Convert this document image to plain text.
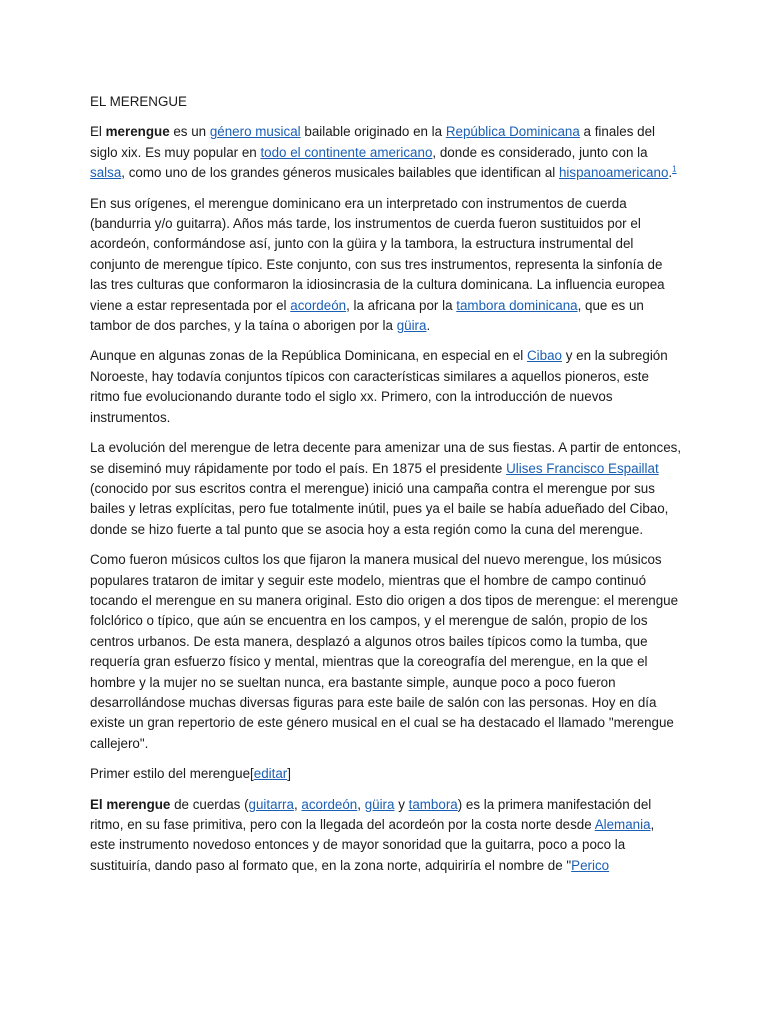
EL MERENGUE

El merengue es un género musical bailable originado en la República Dominicana a finales del siglo xix. Es muy popular en todo el continente americano, donde es considerado, junto con la salsa, como uno de los grandes géneros musicales bailables que identifican al hispanoamericano.$^1$

En sus orígenes, el merengue dominicano era un interpretado con instrumentos de cuerda (bandurria y/o guitarra). Años más tarde, los instrumentos de cuerda fueron sustituidos por el acordeón, conformándose así, junto con la güira y la tambora, la estructura instrumental del conjunto de merengue típico. Este conjunto, con sus tres instrumentos, representa la sinfonía de las tres culturas que conformaron la idiosincrasia de la cultura dominicana. La influencia europea viene a estar representada por el acordeón, la africana por la tambora dominicana, que es un tambor de dos parches, y la taína o aborigen por la güira.

Aunque en algunas zonas de la República Dominicana, en especial en el Cibao y en la subregión Noroeste, hay todavía conjuntos típicos con características similares a aquellos pioneros, este ritmo fue evolucionando durante todo el siglo xx. Primero, con la introducción de nuevos instrumentos.

La evolución del merengue de letra decente para amenizar una de sus fiestas. A partir de entonces, se diseminó muy rápidamente por todo el país. En 1875 el presidente Ulises Francisco Espaillat (conocido por sus escritos contra el merengue) inició una campaña contra el merengue por sus bailes y letras explícitas, pero fue totalmente inútil, pues ya el baile se había adueñado del Cibao, donde se hizo fuerte a tal punto que se asocia hoy a esta región como la cuna del merengue.

Como fueron músicos cultos los que fijaron la manera musical del nuevo merengue, los músicos populares trataron de imitar y seguir este modelo, mientras que el hombre de campo continuó tocando el merengue en su manera original. Esto dio origen a dos tipos de merengue: el merengue folclórico o típico, que aún se encuentra en los campos, y el merengue de salón, propio de los centros urbanos. De esta manera, desplazó a algunos otros bailes típicos como la tumba, que requería gran esfuerzo físico y mental, mientras que la coreografía del merengue, en la que el hombre y la mujer no se sueltan nunca, era bastante simple, aunque poco a poco fueron desarrollándose muchas diversas figuras para este baile de salón con las personas. Hoy en día existe un gran repertorio de este género musical en el cual se ha destacado el llamado "merengue callejero".

Primer estilo del merengue[editar]

El merengue de cuerdas (guitarra, acordeón, güira y tambora) es la primera manifestación del ritmo, en su fase primitiva, pero con la llegada del acordeón por la costa norte desde Alemania, este instrumento novedoso entonces y de mayor sonoridad que la guitarra, poco a poco la sustituiría, dando paso al formato que, en la zona norte, adquiriría el nombre de "Perico
